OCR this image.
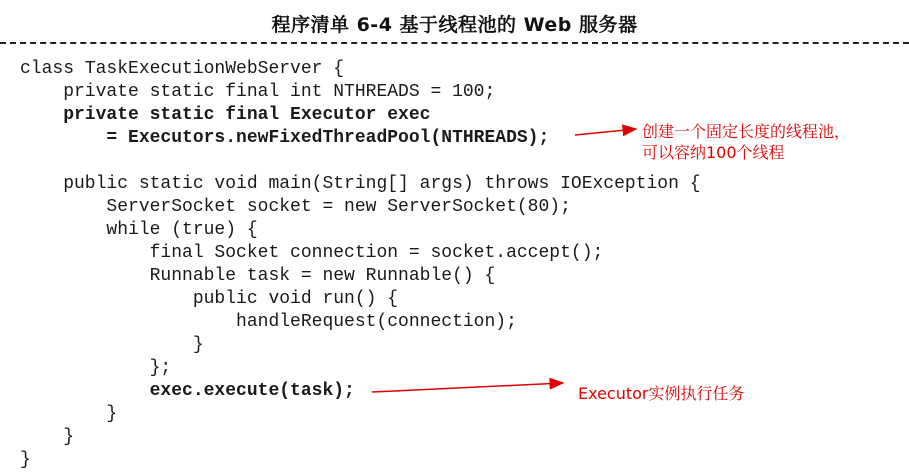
程序清单 6-4 基于线程池的 Web 服务器
class TaskExecutionWebServer {
private static final int NTHREADS = 100;
private static final Executor exec
= Executors.newFixedThreadPool(NTHREADS);
public static void main(String[] args) throws IOException {
ServerSocket socket = new ServerSocket(80);
while (true) {
final Socket connection = socket.accept();
Runnable task = new Runnable() {
public void run() {
handleRequest(connection);
}
};
exec.execute(task);
}
}
}
创建一个固定长度的线程池，
可以容纳100个线程
Executor实例执行任务
